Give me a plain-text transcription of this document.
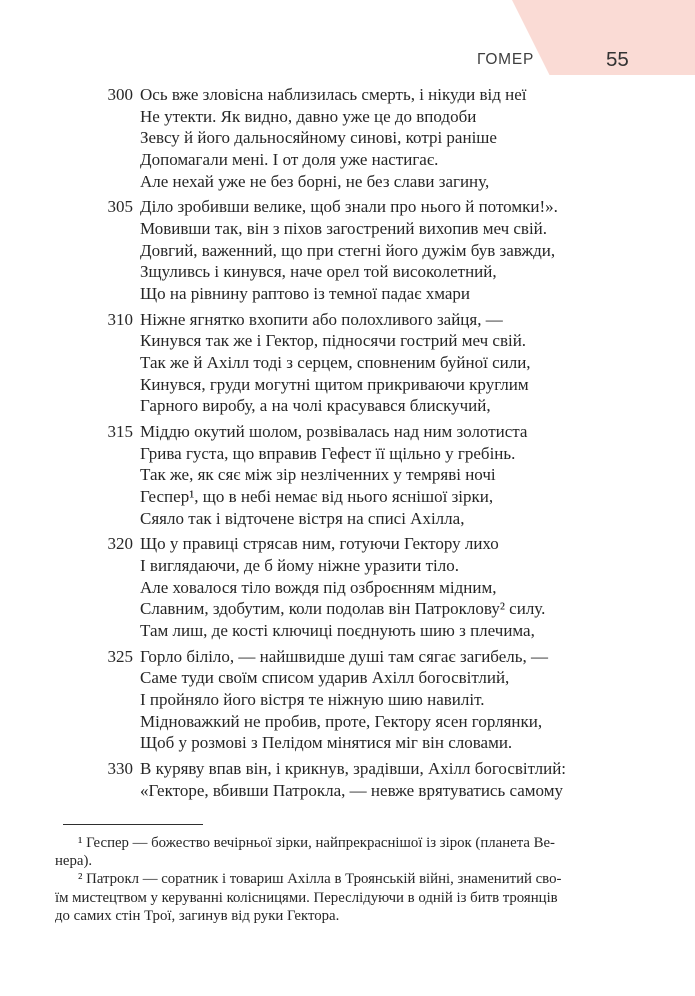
ГОМЕР	55
300 Ось вже зловісна наблизилась смерть, і нікуди від неї
Не утекти. Як видно, давно уже це до вподоби
Зевсу й його дальносяйному синові, котрі раніше
Допомагали мені. І от доля уже настигає.
Але нехай уже не без борні, не без слави загину,
305 Діло зробивши велике, щоб знали про нього й потомки!».
Мовивши так, він з піхов загострений вихопив меч свій.
Довгий, важенний, що при стегні його дужім був завжди,
Зщуливсь і кинувся, наче орел той високолетний,
Що на рівнину раптово із темної падає хмари
310 Ніжне ягнятко вхопити або полохливого зайця, —
Кинувся так же і Гектор, підносячи гострий меч свій.
Так же й Ахілл тоді з серцем, сповненим буйної сили,
Кинувся, груди могутні щитом прикриваючи круглим
Гарного виробу, а на чолі красувався блискучий,
315 Міддю окутий шолом, розвівалась над ним золотиста
Грива густа, що вправив Гефест її щільно у гребінь.
Так же, як сяє між зір незліченних у темряві ночі
Геспер¹, що в небі немає від нього яснішої зірки,
Сяяло так і відточене вістря на списі Ахілла,
320 Що у правиці стрясав ним, готуючи Гектору лихо
І виглядаючи, де б йому ніжне уразити тіло.
Але ховалося тіло вождя під озброєнням мідним,
Славним, здобутим, коли подолав він Патроклову² силу.
Там лиш, де кості ключиці поєднують шию з плечима,
325 Горло біліло, — найшвидше душі там сягає загибель, —
Саме туди своїм списом ударив Ахілл богосвітлий,
І пройняло його вістря те ніжную шию навиліт.
Мідноважкий не пробив, проте, Гектору ясен горлянки,
Щоб у розмові з Пелідом мінятися міг він словами.
330 В куряву впав він, і крикнув, зрадівши, Ахілл богосвітлий:
«Гекторе, вбивши Патрокла, — невже врятуватись самому
¹ Геспер — божество вечірньої зірки, найпрекраснішої із зірок (планета Ве-
нера).
² Патрокл — соратник і товариш Ахілла в Троянській війні, знаменитий сво-
їм мистецтвом у керуванні колісницями. Переслідуючи в одній із битв троянців
до самих стін Трої, загинув від руки Гектора.
